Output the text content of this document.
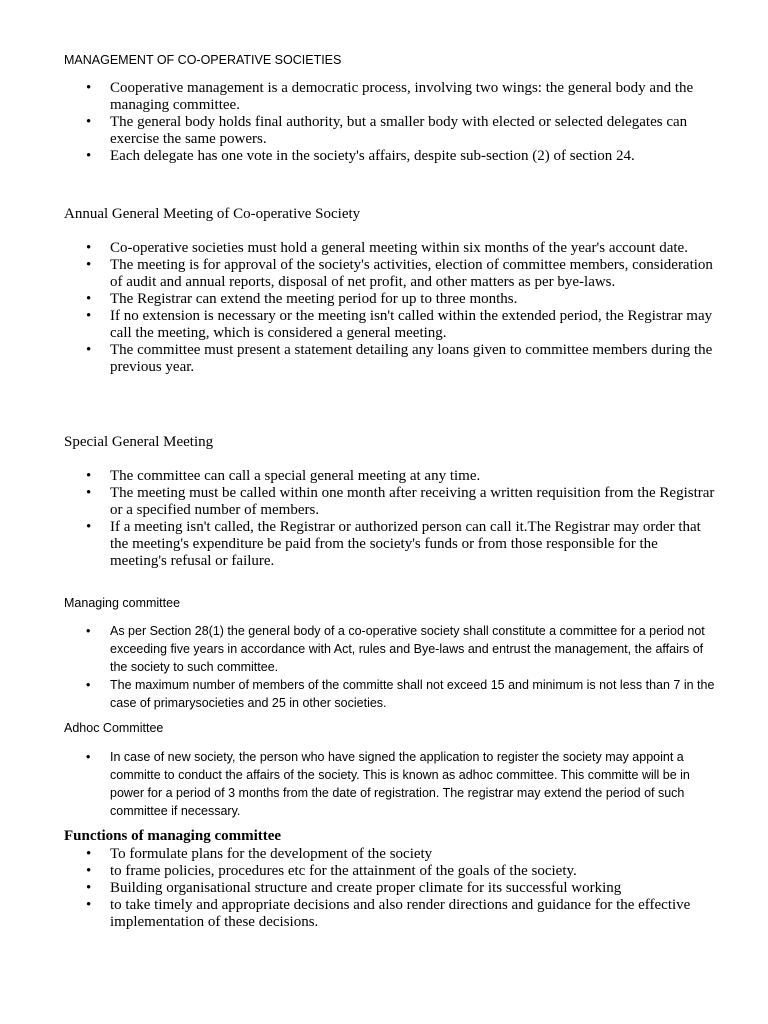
MANAGEMENT OF CO-OPERATIVE SOCIETIES
• Cooperative management is a democratic process, involving two wings: the general body and the managing committee.
• The general body holds final authority, but a smaller body with elected or selected delegates can exercise the same powers.
• Each delegate has one vote in the society's affairs, despite sub-section (2) of section 24.
Annual General Meeting of Co-operative Society
• Co-operative societies must hold a general meeting within six months of the year's account date.
• The meeting is for approval of the society's activities, election of committee members, consideration of audit and annual reports, disposal of net profit, and other matters as per bye-laws.
• The Registrar can extend the meeting period for up to three months.
• If no extension is necessary or the meeting isn't called within the extended period, the Registrar may call the meeting, which is considered a general meeting.
• The committee must present a statement detailing any loans given to committee members during the previous year.
Special General Meeting
• The committee can call a special general meeting at any time.
• The meeting must be called within one month after receiving a written requisition from the Registrar or a specified number of members.
• If a meeting isn't called, the Registrar or authorized person can call it.The Registrar may order that the meeting's expenditure be paid from the society's funds or from those responsible for the meeting's refusal or failure.
Managing committee
• As per Section 28(1) the general body of a co-operative society shall constitute a committee for a period not exceeding five years in accordance with Act, rules and Bye-laws and entrust the management, the affairs of the society to such committee.
• The maximum number of members of the committe shall not exceed 15 and minimum is not less than 7 in the case of primarysocieties and 25 in other societies.
Adhoc Committee
• In case of new society, the person who have signed the application to register the society may appoint a committe to conduct the affairs of the society. This is known as adhoc committee. This committe will be in power for a period of 3 months from the date of registration. The registrar may extend the period of such committee if necessary.
Functions of managing committee
• To formulate plans for the development of the society
• to frame policies, procedures etc for the attainment of the goals of the society.
• Building organisational structure and create proper climate for its successful working
• to take timely and appropriate decisions and also render directions and guidance for the effective implementation of these decisions.
